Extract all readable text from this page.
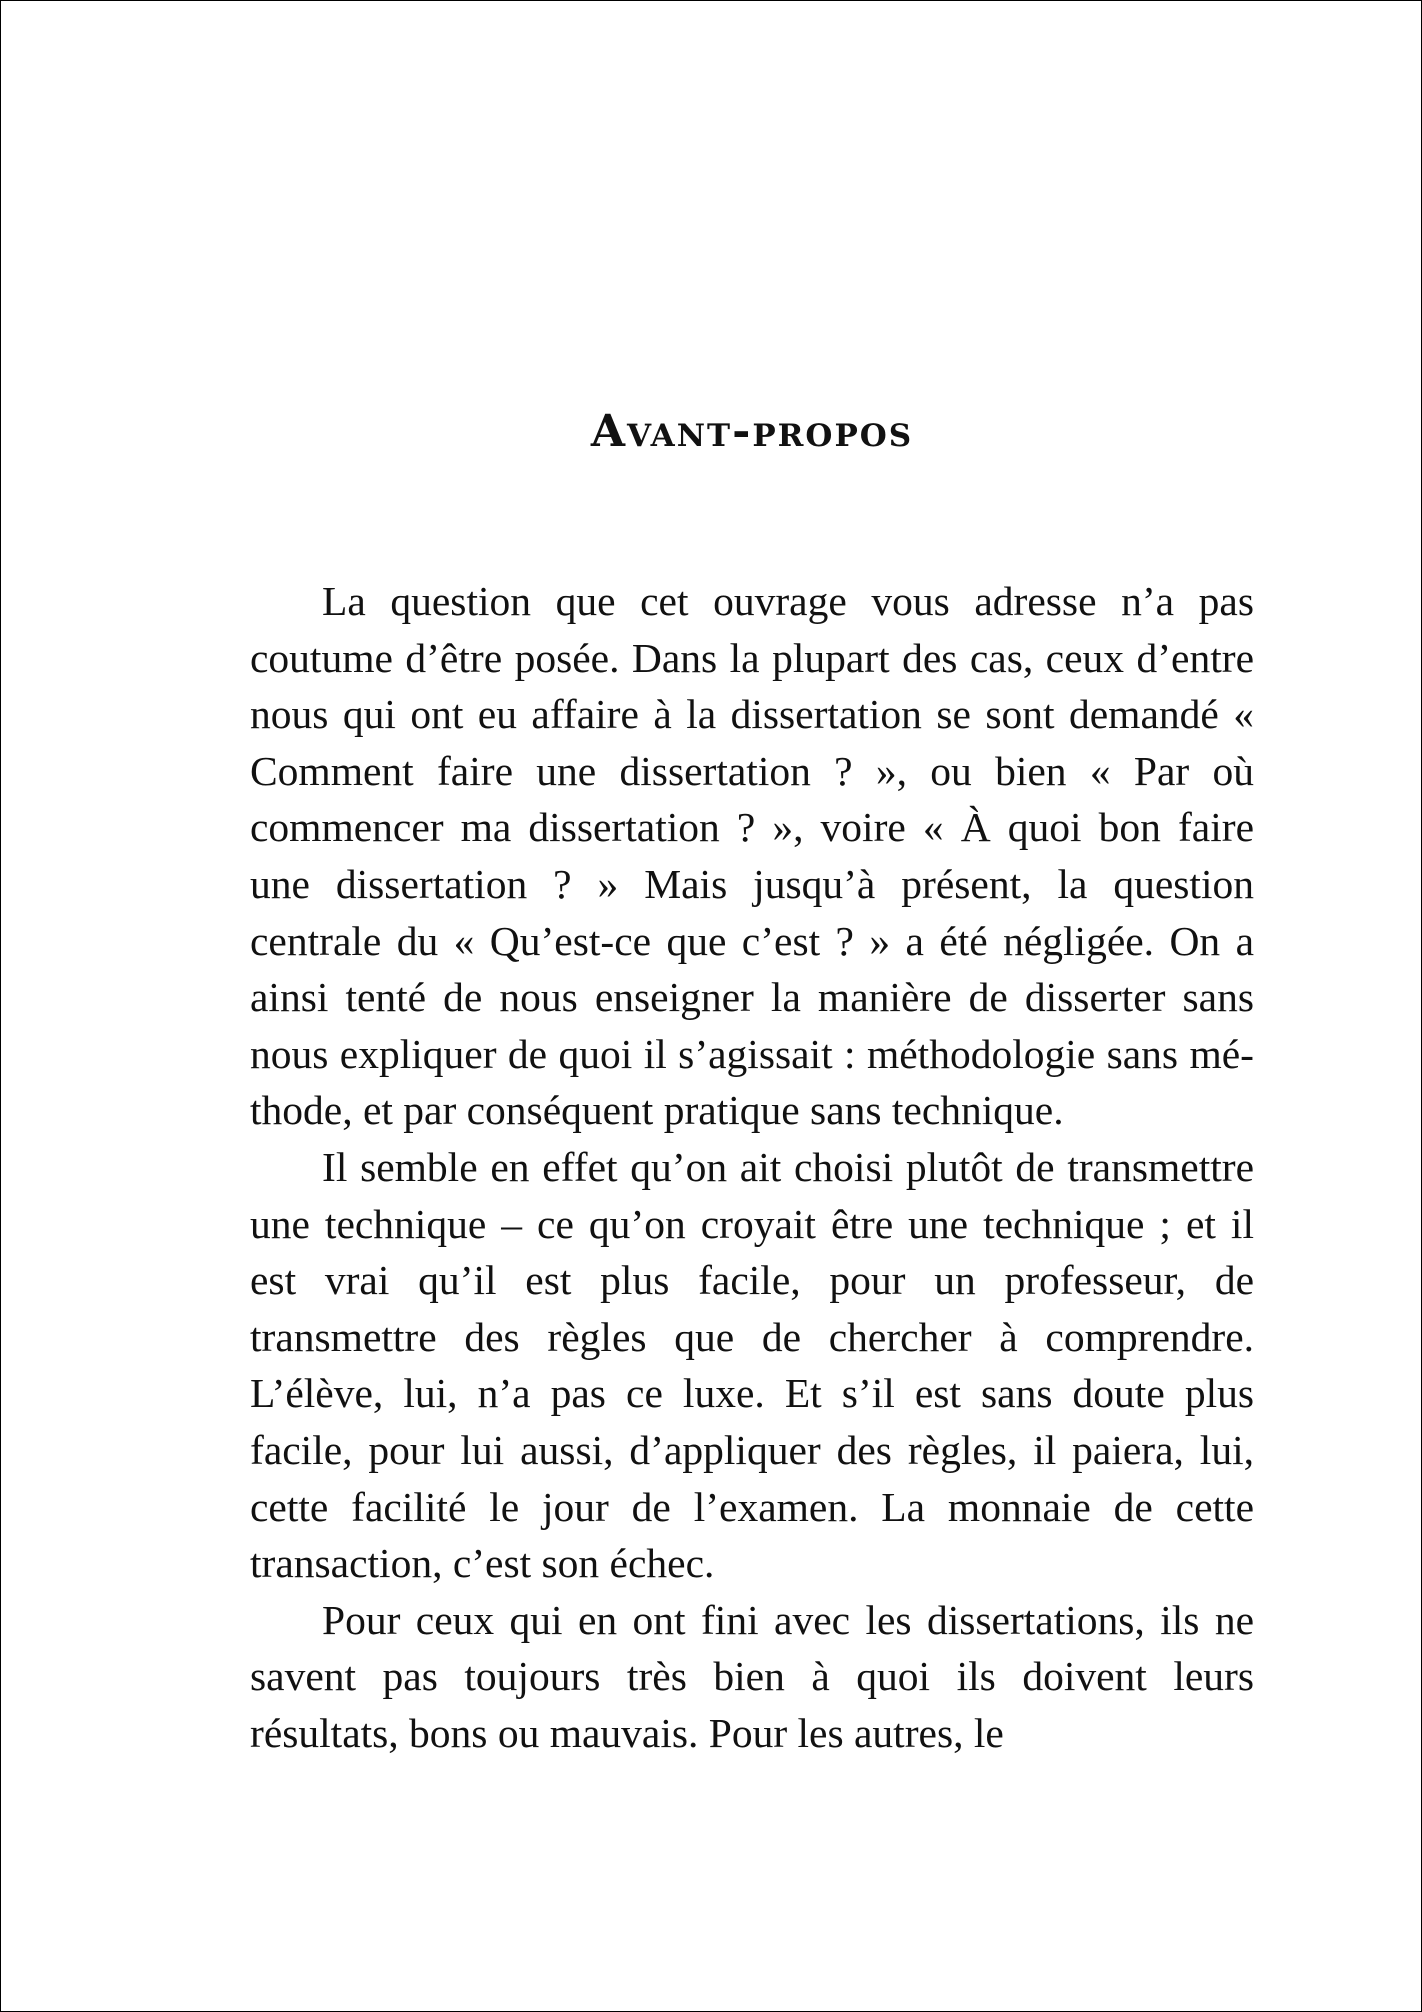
Avant-propos

La question que cet ouvrage vous adresse n’a pas coutume d’être posée. Dans la plupart des cas, ceux d’entre nous qui ont eu affaire à la dissertation se sont demandé « Comment faire une dissertation ? », ou bien « Par où commencer ma dissertation ? », voire « À quoi bon faire une dissertation ? » Mais jusqu’à présent, la question centrale du « Qu’est-ce que c’est ? » a été négligée. On a ainsi tenté de nous enseigner la manière de disserter sans nous expliquer de quoi il s’agissait : méthodologie sans méthode, et par conséquent pratique sans technique.

Il semble en effet qu’on ait choisi plutôt de transmettre une technique – ce qu’on croyait être une technique ; et il est vrai qu’il est plus facile, pour un professeur, de transmettre des règles que de chercher à comprendre. L’élève, lui, n’a pas ce luxe. Et s’il est sans doute plus facile, pour lui aussi, d’appliquer des règles, il paiera, lui, cette facilité le jour de l’examen. La monnaie de cette transaction, c’est son échec.

Pour ceux qui en ont fini avec les dissertations, ils ne savent pas toujours très bien à quoi ils doivent leurs résultats, bons ou mauvais. Pour les autres, le
